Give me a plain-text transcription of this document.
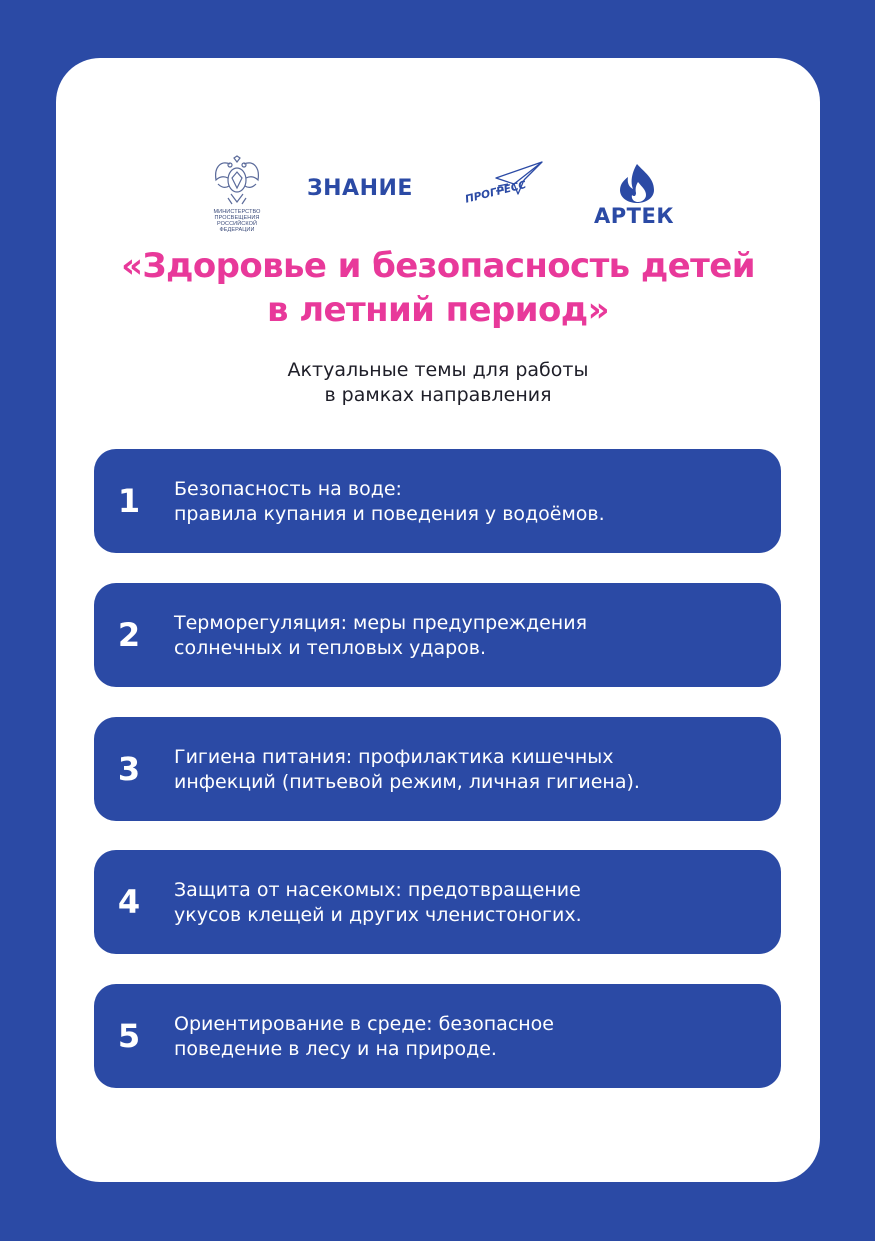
МИНИСТЕРСТВО ПРОСВЕЩЕНИЯ
РОССИЙСКОЙ ФЕДЕРАЦИИ
ЗНАНИЕ	ПРОГРЕСС
АРТЕК
«Здоровье и безопасность детей
в летний период»
Актуальные темы для работы
в рамках направления
1	Безопасность на воде:
правила купания и поведения у водоёмов.
2	Терморегуляция: меры предупреждения
солнечных и тепловых ударов.
3	Гигиена питания: профилактика кишечных
инфекций (питьевой режим, личная гигиена).
4	Защита от насекомых: предотвращение
укусов клещей и других членистоногих.
5	Ориентирование в среде: безопасное
поведение в лесу и на природе.
